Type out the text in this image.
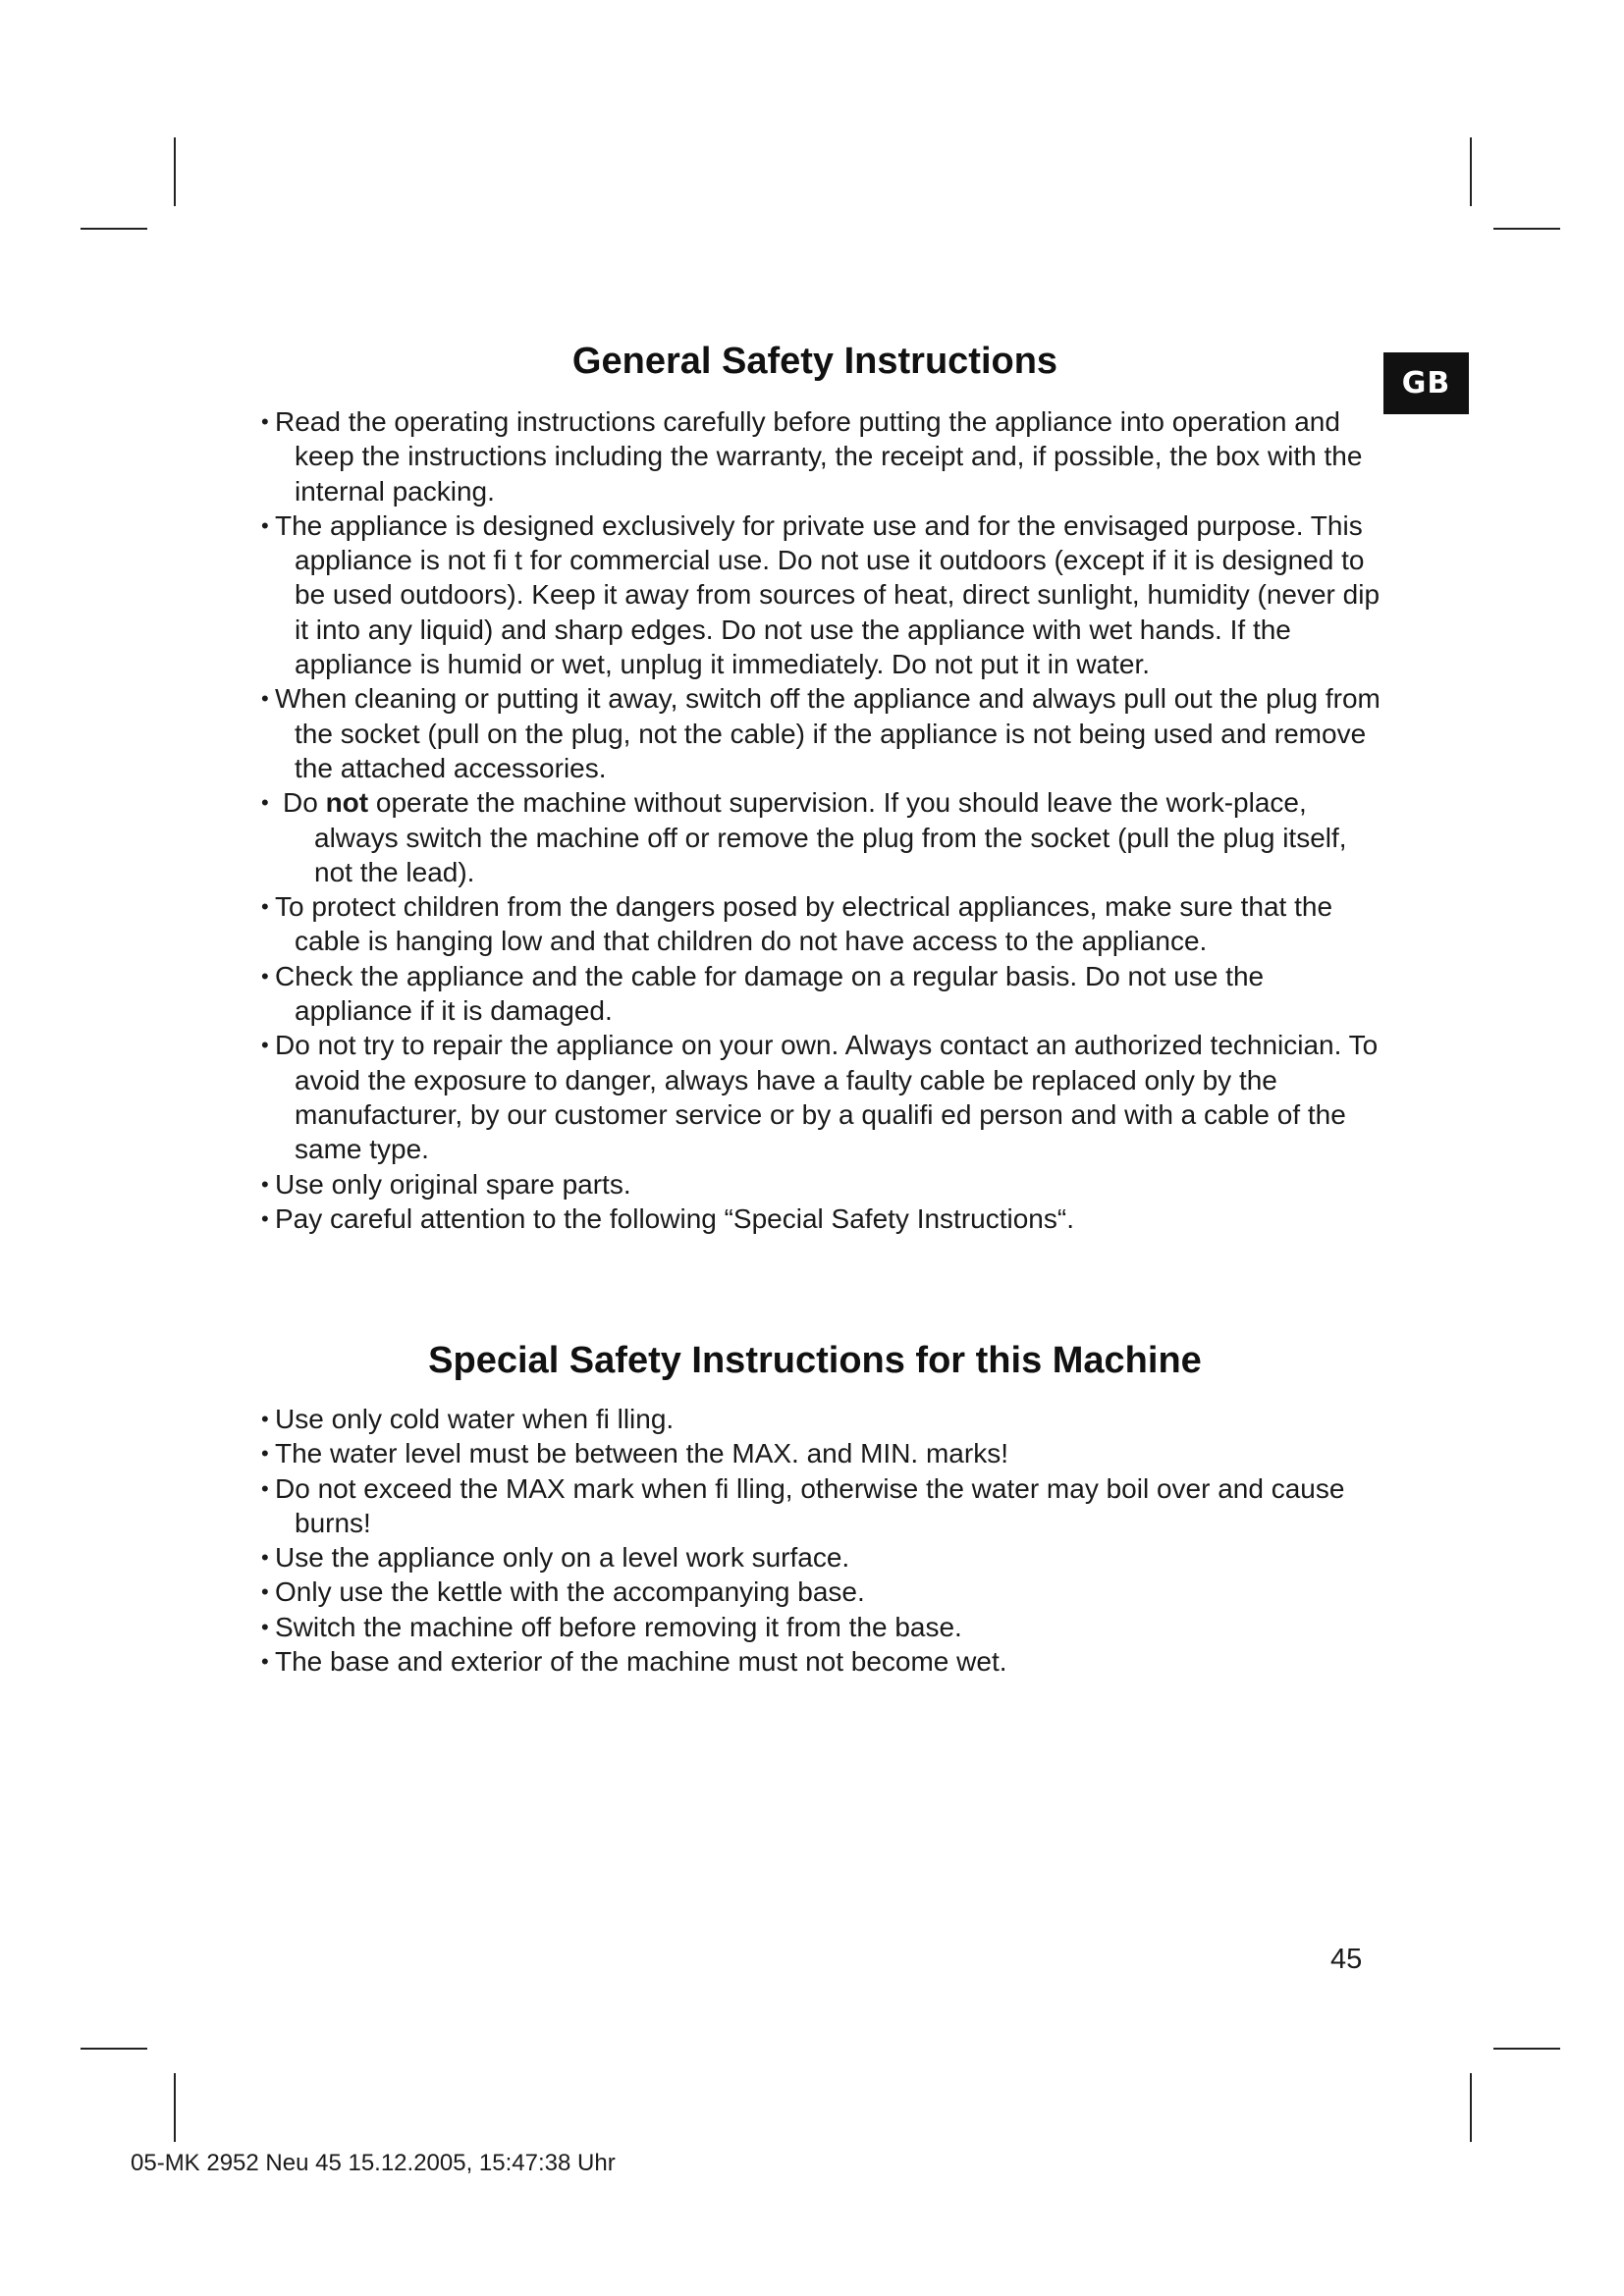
GB
General Safety Instructions
• Read the operating instructions carefully before putting the appliance into operation and keep the instructions including the warranty, the receipt and, if possible, the box with the internal packing.
• The appliance is designed exclusively for private use and for the envisaged purpose. This appliance is not fi t for commercial use. Do not use it outdoors (except if it is designed to be used outdoors). Keep it away from sources of heat, direct sunlight, humidity (never dip it into any liquid) and sharp edges. Do not use the appliance with wet hands. If the appliance is humid or wet, unplug it immediately. Do not put it in water.
• When cleaning or putting it away, switch off the appliance and always pull out the plug from the socket (pull on the plug, not the cable) if the appliance is not being used and remove the attached accessories.
• Do not operate the machine without supervision. If you should leave the work-place, always switch the machine off or remove the plug from the socket (pull the plug itself, not the lead).
• To protect children from the dangers posed by electrical appliances, make sure that the cable is hanging low and that children do not have access to the appliance.
• Check the appliance and the cable for damage on a regular basis. Do not use the appliance if it is damaged.
• Do not try to repair the appliance on your own. Always contact an authorized technician. To avoid the exposure to danger, always have a faulty cable be replaced only by the manufacturer, by our customer service or by a qualifi ed person and with a cable of the same type.
• Use only original spare parts.
• Pay careful attention to the following “Special Safety Instructions“.
Special Safety Instructions for this Machine
• Use only cold water when fi lling.
• The water level must be between the MAX. and MIN. marks!
• Do not exceed the MAX mark when fi lling, otherwise the water may boil over and cause burns!
• Use the appliance only on a level work surface.
• Only use the kettle with the accompanying base.
• Switch the machine off before removing it from the base.
• The base and exterior of the machine must not become wet.

45

05-MK 2952 Neu 45 15.12.2005, 15:47:38 Uhr
